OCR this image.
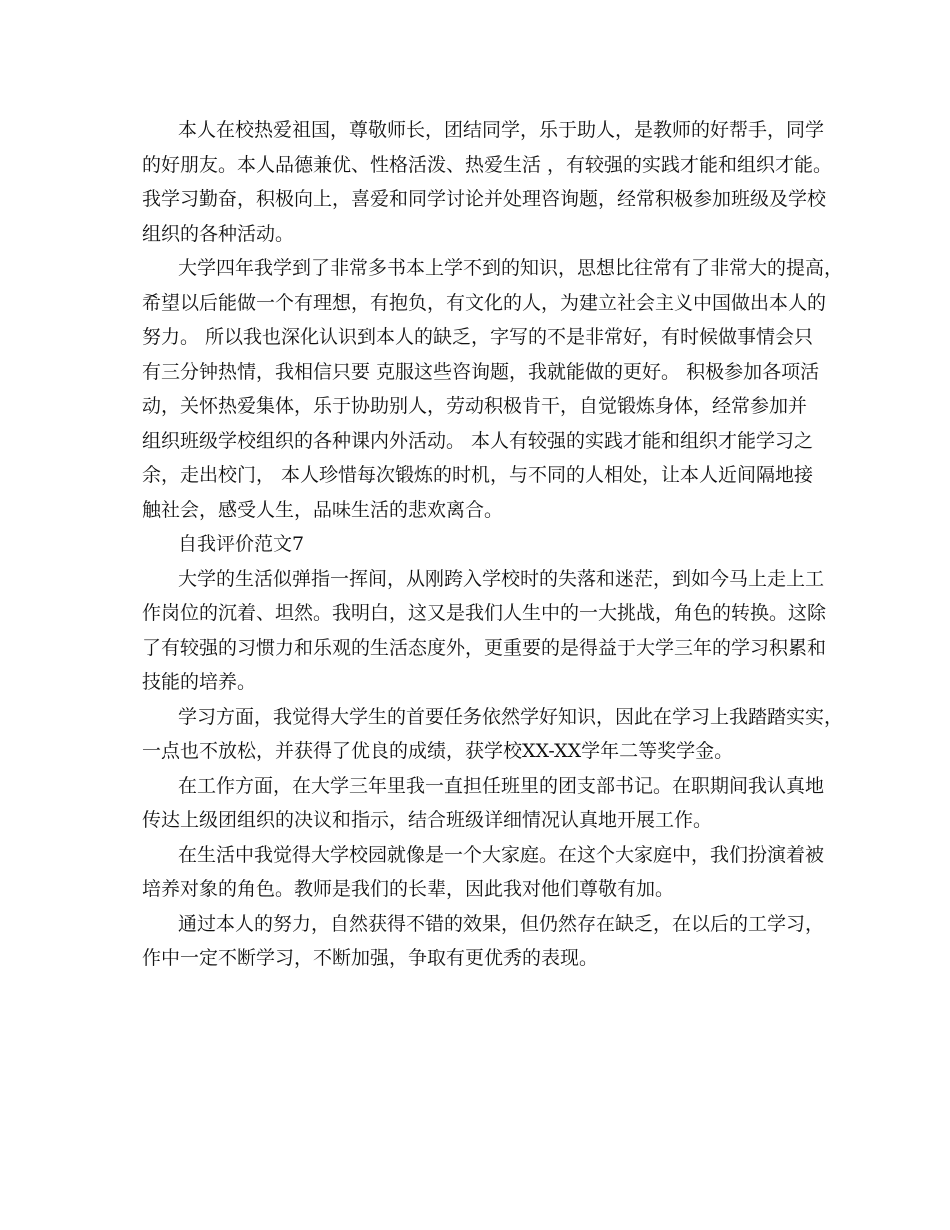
本人在校热爱祖国，尊敬师长，团结同学，乐于助人，是教师的好帮手，同学
的好朋友。本人品德兼优、性格活泼、热爱生活 ，有较强的实践才能和组织才能。
我学习勤奋，积极向上，喜爱和同学讨论并处理咨询题，经常积极参加班级及学校
组织的各种活动。
大学四年我学到了非常多书本上学不到的知识，思想比往常有了非常大的提高，
希望以后能做一个有理想，有抱负，有文化的人，为建立社会主义中国做出本人的
努力。 所以我也深化认识到本人的缺乏，字写的不是非常好，有时候做事情会只
有三分钟热情，我相信只要 克服这些咨询题，我就能做的更好。 积极参加各项活
动，关怀热爱集体，乐于协助别人，劳动积极肯干，自觉锻炼身体，经常参加并
组织班级学校组织的各种课内外活动。 本人有较强的实践才能和组织才能学习之
余，走出校门， 本人珍惜每次锻炼的时机，与不同的人相处，让本人近间隔地接
触社会，感受人生，品味生活的悲欢离合。
自我评价范文7
大学的生活似弹指一挥间，从刚跨入学校时的失落和迷茫，到如今马上走上工
作岗位的沉着、坦然。我明白，这又是我们人生中的一大挑战，角色的转换。这除
了有较强的习惯力和乐观的生活态度外，更重要的是得益于大学三年的学习积累和
技能的培养。
学习方面，我觉得大学生的首要任务依然学好知识，因此在学习上我踏踏实实，
一点也不放松，并获得了优良的成绩，获学校XX-XX学年二等奖学金。
在工作方面，在大学三年里我一直担任班里的团支部书记。在职期间我认真地
传达上级团组织的决议和指示，结合班级详细情况认真地开展工作。
在生活中我觉得大学校园就像是一个大家庭。在这个大家庭中，我们扮演着被
培养对象的角色。教师是我们的长辈，因此我对他们尊敬有加。
通过本人的努力，自然获得不错的效果，但仍然存在缺乏，在以后的工学习，
作中一定不断学习，不断加强，争取有更优秀的表现。
